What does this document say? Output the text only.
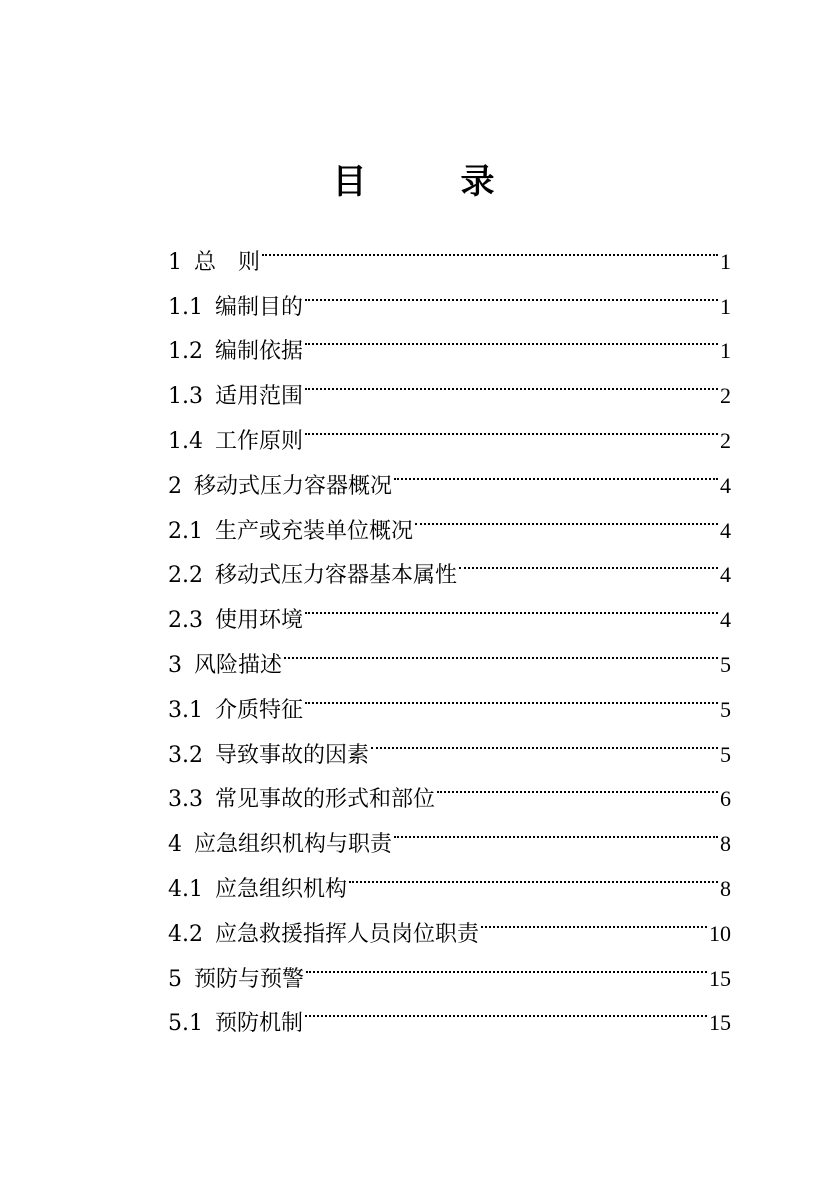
目　录
1 总　则	1
1.1 编制目的	1
1.2 编制依据	1
1.3 适用范围	2
1.4 工作原则	2
2 移动式压力容器概况	4
2.1 生产或充装单位概况	4
2.2 移动式压力容器基本属性	4
2.3 使用环境	4
3 风险描述	5
3.1 介质特征	5
3.2 导致事故的因素	5
3.3 常见事故的形式和部位	6
4 应急组织机构与职责	8
4.1 应急组织机构	8
4.2 应急救援指挥人员岗位职责	10
5 预防与预警	15
5.1 预防机制	15
